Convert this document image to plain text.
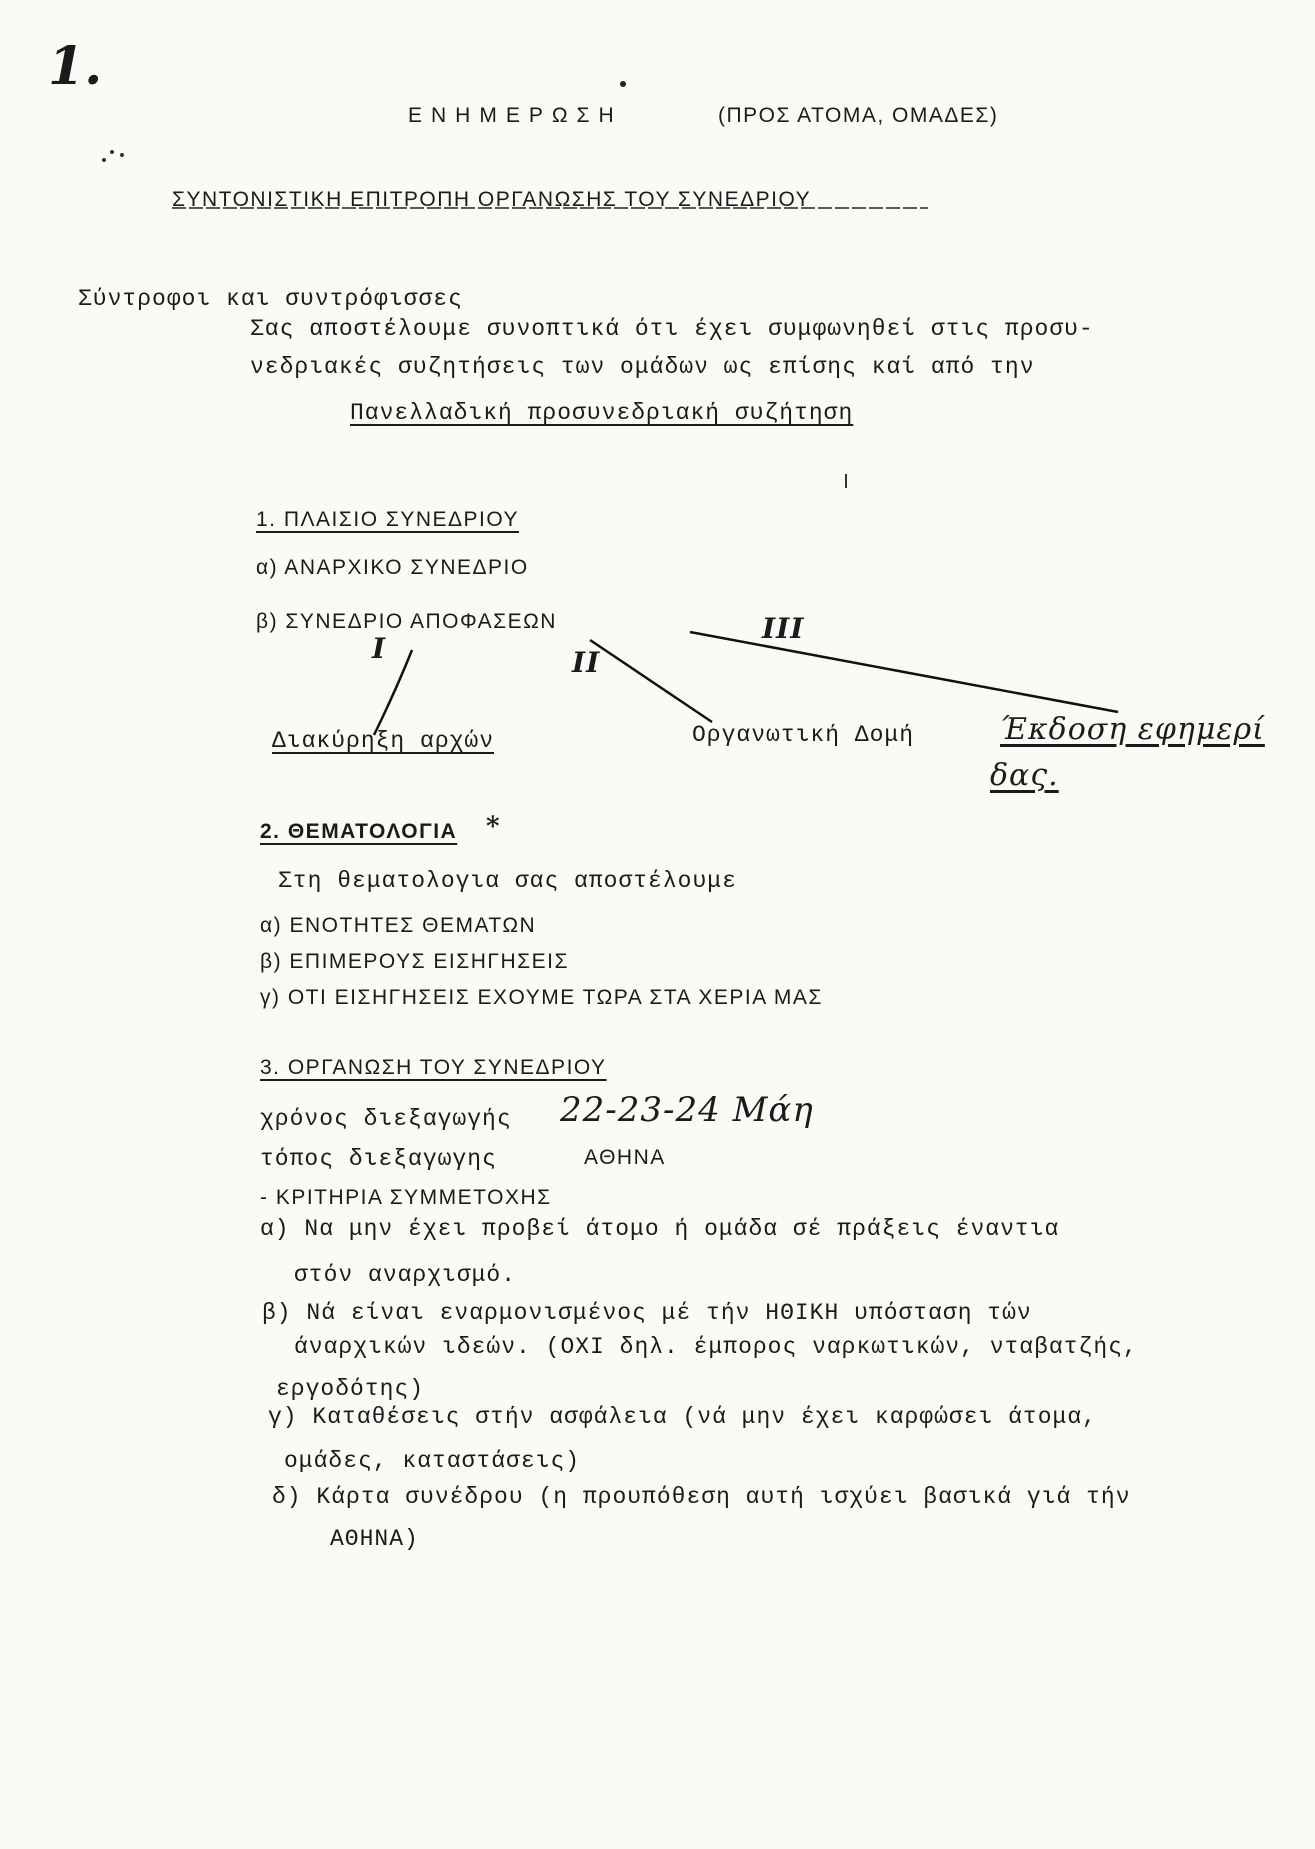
1.
ΕΝΗΜΕΡΩΣΗ	(ΠΡΟΣ ΑΤΟΜΑ, ΟΜΑΔΕΣ)
ΣΥΝΤΟΝΙΣΤΙΚΗ ΕΠΙΤΡΟΠΗ ΟΡΓΑΝΩΣΗΣ ΤΟΥ ΣΥΝΕΔΡΙΟΥ
Σύντροφοι και συντρόφισσες
Σας αποστέλουμε συνοπτικά ότι έχει συμφωνηθεί στις προσυ-
νεδριακές συζητήσεις των ομάδων ως επίσης καί από την
Πανελλαδική προσυνεδριακή συζήτηση
1. ΠΛΑΙΣΙΟ ΣΥΝΕΔΡΙΟΥ
α) ΑΝΑΡΧΙΚΟ ΣΥΝΕΔΡΙΟ
β) ΣΥΝΕΔΡΙΟ ΑΠΟΦΑΣΕΩΝ
I	II
III
Διακύρηξη αρχών	Οργανωτική Δομή	Έκδοση εφημερί
δας.
2. ΘΕΜΑΤΟΛΟΓΙΑ *
Στη θεματολογια σας αποστέλουμε
α) ΕΝΟΤΗΤΕΣ ΘΕΜΑΤΩΝ
β) ΕΠΙΜΕΡΟΥΣ ΕΙΣΗΓΗΣΕΙΣ
γ) ΟΤΙ ΕΙΣΗΓΗΣΕΙΣ ΕΧΟΥΜΕ ΤΩΡΑ ΣΤΑ ΧΕΡΙΑ ΜΑΣ
3. ΟΡΓΑΝΩΣΗ ΤΟΥ ΣΥΝΕΔΡΙΟΥ
χρόνος διεξαγωγής 22-23-24 Μάη
τόπος διεξαγωγης	ΑΘΗΝΑ
- ΚΡΙΤΗΡΙΑ ΣΥΜΜΕΤΟΧΗΣ
α) Να μην έχει προβεί άτομο ή ομάδα σέ πράξεις έναντια
στόν αναρχισμό.
β) Νά είναι εναρμονισμένος μέ τήν ΗΘΙΚΗ υπόσταση τών
άναρχικών ιδεών. (ΟΧΙ δηλ. έμπορος ναρκωτικών, νταβατζής,
εργοδότης)
γ) Καταθέσεις στήν ασφάλεια (νά μην έχει καρφώσει άτομα,
ομάδες, καταστάσεις)
δ) Κάρτα συνέδρου (η προυπόθεση αυτή ισχύει βασικά γιά τήν
ΑΘΗΝΑ)
